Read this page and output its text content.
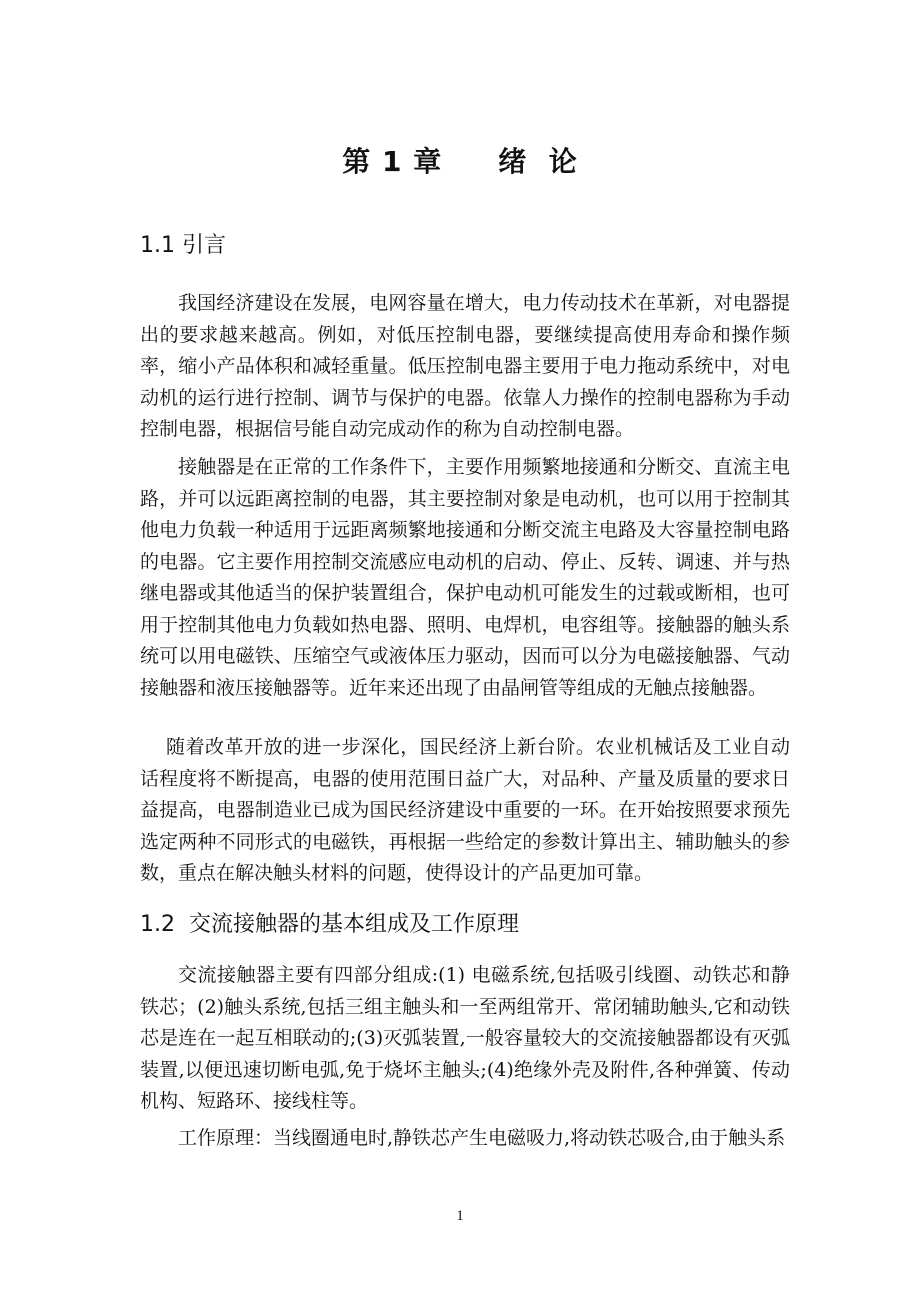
第 1 章 绪  论
1.1 引言

我国经济建设在发展，电网容量在增大，电力传动技术在革新，对电器提出的要求越来越高。例如，对低压控制电器，要继续提高使用寿命和操作频率，缩小产品体积和减轻重量。低压控制电器主要用于电力拖动系统中，对电动机的运行进行控制、调节与保护的电器。依靠人力操作的控制电器称为手动控制电器，根据信号能自动完成动作的称为自动控制电器。

接触器是在正常的工作条件下，主要作用频繁地接通和分断交、直流主电路，并可以远距离控制的电器，其主要控制对象是电动机，也可以用于控制其他电力负载一种适用于远距离频繁地接通和分断交流主电路及大容量控制电路的电器。它主要作用控制交流感应电动机的启动、停止、反转、调速、并与热继电器或其他适当的保护装置组合，保护电动机可能发生的过载或断相，也可用于控制其他电力负载如热电器、照明、电焊机，电容组等。接触器的触头系统可以用电磁铁、压缩空气或液体压力驱动，因而可以分为电磁接触器、气动接触器和液压接触器等。近年来还出现了由晶闸管等组成的无触点接触器。

随着改革开放的进一步深化，国民经济上新台阶。农业机械话及工业自动话程度将不断提高，电器的使用范围日益广大，对品种、产量及质量的要求日益提高，电器制造业已成为国民经济建设中重要的一环。在开始按照要求预先选定两种不同形式的电磁铁，再根据一些给定的参数计算出主、辅助触头的参数，重点在解决触头材料的问题，使得设计的产品更加可靠。

1.2  交流接触器的基本组成及工作原理

交流接触器主要有四部分组成:(1) 电磁系统,包括吸引线圈、动铁芯和静铁芯；(2)触头系统,包括三组主触头和一至两组常开、常闭辅助触头,它和动铁芯是连在一起互相联动的;(3)灭弧装置,一般容量较大的交流接触器都设有灭弧装置,以便迅速切断电弧,免于烧坏主触头;(4)绝缘外壳及附件,各种弹簧、传动机构、短路环、接线柱等。

工作原理：当线圈通电时,静铁芯产生电磁吸力,将动铁芯吸合,由于触头系

1
